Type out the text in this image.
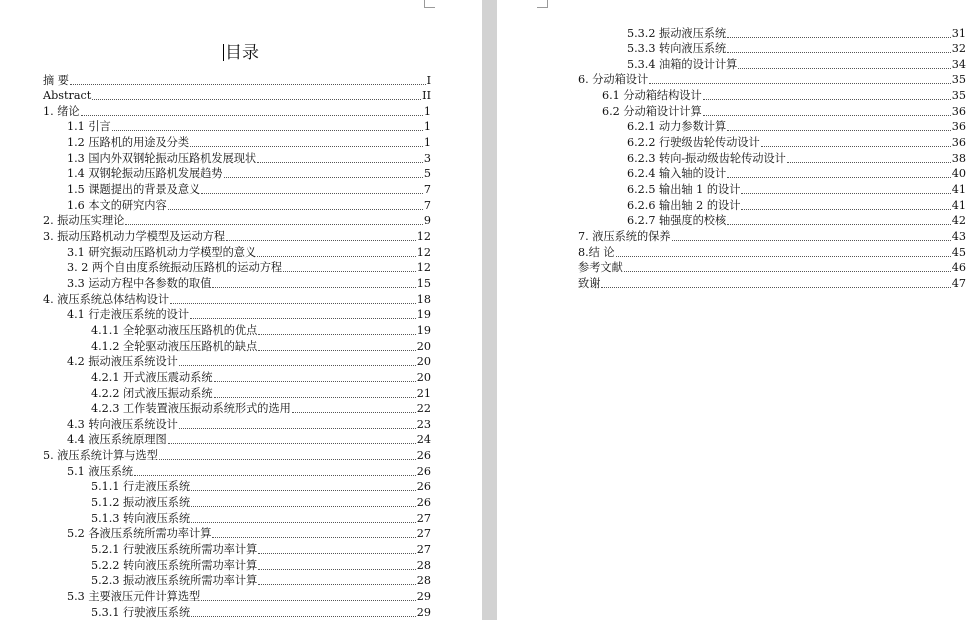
目录
摘 要	I
Abstract	II
1. 绪论	1
1.1 引言	1
1.2 压路机的用途及分类	1
1.3 国内外双钢轮振动压路机发展现状	3
1.4 双钢轮振动压路机发展趋势	5
1.5 课题提出的背景及意义	7
1.6 本文的研究内容	7
2. 振动压实理论	9
3. 振动压路机动力学模型及运动方程	12
3.1 研究振动压路机动力学模型的意义	12
3. 2 两个自由度系统振动压路机的运动方程	12
3.3 运动方程中各参数的取值	15
4. 液压系统总体结构设计	18
4.1 行走液压系统的设计	19
4.1.1 全轮驱动液压压路机的优点	19
4.1.2 全轮驱动液压压路机的缺点	20
4.2 振动液压系统设计	20
4.2.1 开式液压震动系统	20
4.2.2 闭式液压振动系统	21
4.2.3 工作装置液压振动系统形式的选用	22
4.3 转向液压系统设计	23
4.4 液压系统原理图	24
5. 液压系统计算与选型	26
5.1 液压系统	26
5.1.1 行走液压系统	26
5.1.2 振动液压系统	26
5.1.3 转向液压系统	27
5.2 各液压系统所需功率计算	27
5.2.1 行驶液压系统所需功率计算	27
5.2.2 转向液压系统所需功率计算	28
5.2.3 振动液压系统所需功率计算	28
5.3 主要液压元件计算选型	29
5.3.1 行驶液压系统	29
5.3.2 振动液压系统	31
5.3.3 转向液压系统	32
5.3.4 油箱的设计计算	34
6. 分动箱设计	35
6.1 分动箱结构设计	35
6.2 分动箱设计计算	36
6.2.1 动力参数计算	36
6.2.2 行驶级齿轮传动设计	36
6.2.3 转向-振动级齿轮传动设计	38
6.2.4 输入轴的设计	40
6.2.5 输出轴 1 的设计	41
6.2.6 输出轴 2 的设计	41
6.2.7 轴强度的校核	42
7. 液压系统的保养	43
8.结 论	45
参考文献	46
致谢	47
